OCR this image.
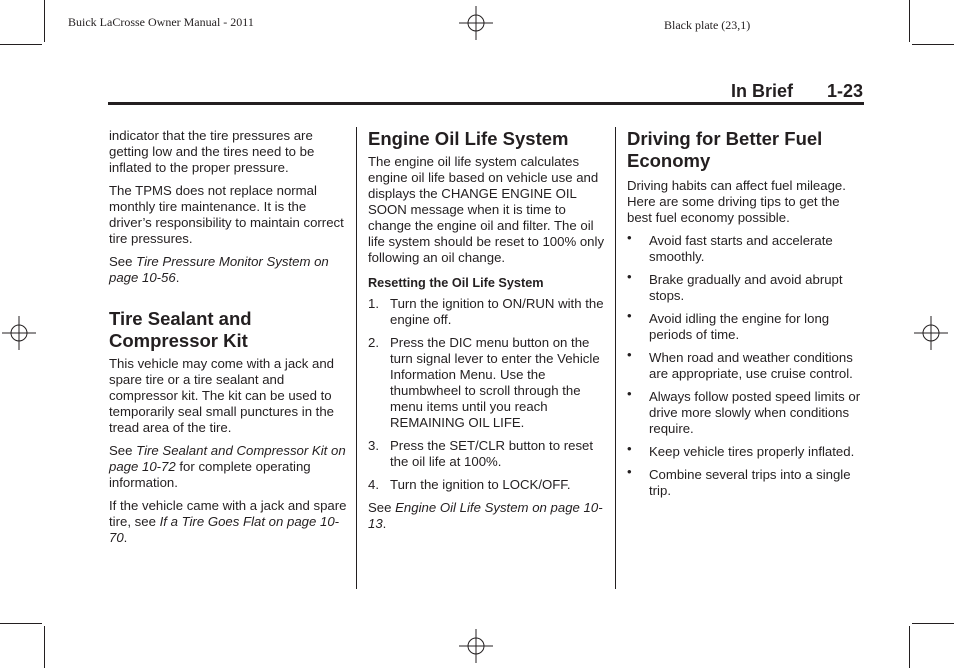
Buick LaCrosse Owner Manual - 2011	Black plate (23,1)
In Brief 1-23

indicator that the tire pressures are getting low and the tires need to be inflated to the proper pressure.

The TPMS does not replace normal monthly tire maintenance. It is the driver’s responsibility to maintain correct tire pressures.

See Tire Pressure Monitor System on page 10-56.

Tire Sealant and Compressor Kit

This vehicle may come with a jack and spare tire or a tire sealant and compressor kit. The kit can be used to temporarily seal small punctures in the tread area of the tire.

See Tire Sealant and Compressor Kit on page 10-72 for complete operating information.

If the vehicle came with a jack and spare tire, see If a Tire Goes Flat on page 10-70.

Engine Oil Life System

The engine oil life system calculates engine oil life based on vehicle use and displays the CHANGE ENGINE OIL SOON message when it is time to change the engine oil and filter. The oil life system should be reset to 100% only following an oil change.

Resetting the Oil Life System
1. Turn the ignition to ON/RUN with the engine off.
2. Press the DIC menu button on the turn signal lever to enter the Vehicle Information Menu. Use the thumbwheel to scroll through the menu items until you reach REMAINING OIL LIFE.
3. Press the SET/CLR button to reset the oil life at 100%.
4. Turn the ignition to LOCK/OFF.

See Engine Oil Life System on page 10-13.

Driving for Better Fuel Economy

Driving habits can affect fuel mileage. Here are some driving tips to get the best fuel economy possible.

• Avoid fast starts and accelerate smoothly.
• Brake gradually and avoid abrupt stops.
• Avoid idling the engine for long periods of time.
• When road and weather conditions are appropriate, use cruise control.
• Always follow posted speed limits or drive more slowly when conditions require.
• Keep vehicle tires properly inflated.
• Combine several trips into a single trip.
